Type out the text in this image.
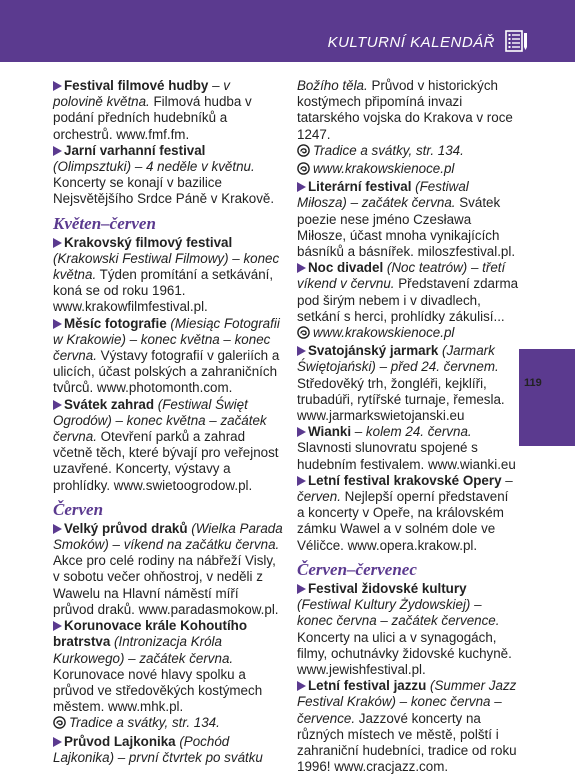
KULTURNÍ KALENDÁŘ

Festival filmové hudby – v polovině května. Filmová hudba v podání předních hudebníků a orchestrů. www.fmf.fm.

Jarní varhanní festival (Olimpsztuki) – 4 neděle v květnu. Koncerty se konají v bazilice Nejsvětějšího Srdce Páně v Krakově.

Květen–červen

Krakovský filmový festival (Krakowski Festiwal Filmowy) – konec května. Týden promítání a setkávání, koná se od roku 1961. www.krakowfilmfestival.pl.

Měsíc fotografie (Miesiąc Fotografii w Krakowie) – konec května – konec června. Výstavy fotografií v galeriích a ulicích, účast polských a zahraničních tvůrců. www.photomonth.com.

Svátek zahrad (Festiwal Święt Ogrodów) – konec května – začátek června. Otevření parků a zahrad včetně těch, které bývají pro veřejnost uzavřené. Koncerty, výstavy a prohlídky. www.swietoogrodow.pl.

Červen

Velký průvod draků (Wielka Parada Smoków) – víkend na začátku června. Akce pro celé rodiny na nábřeží Visly, v sobotu večer ohňostroj, v neděli z Wawelu na Hlavní náměstí míří průvod draků. www.paradasmokow.pl.

Korunovace krále Kohoutího bratrstva (Intronizacja Króla Kurkowego) – začátek června. Korunovace nové hlavy spolku a průvod ve středověkých kostýmech městem. www.mhk.pl.

Tradice a svátky, str. 134.

Průvod Lajkonika (Pochód Lajkonika) – první čtvrtek po svátku

Božího těla. Průvod v historických kostýmech připomíná invazi tatarského vojska do Krakova v roce 1247.

Tradice a svátky, str. 134.

www.krakowskienoce.pl

Literární festival (Festiwal Miłosza) – začátek června. Svátek poezie nese jméno Czesława Miłosze, účast mnoha vynikajících básníků a básnířek. miloszfestival.pl.

Noc divadel (Noc teatrów) – třetí víkend v červnu. Představení zdarma pod širým nebem i v divadlech, setkání s herci, prohlídky zákulisí...

www.krakowskienoce.pl

Svatojánský jarmark (Jarmark Świętojański) – před 24. červnem. Středověký trh, žongléři, kejklíři, trubadúři, rytířské turnaje, řemesla. www.jarmarkswietojanski.eu

Wianki – kolem 24. června. Slavnosti slunovratu spojené s hudebním festivalem. www.wianki.eu

Letní festival krakovské Opery – červen. Nejlepší operní představení a koncerty v Opeře, na královském zámku Wawel a v solném dole ve Véličce. www.opera.krakow.pl.

Červen–červenec

Festival židovské kultury (Festiwal Kultury Żydowskiej) – konec června – začátek července. Koncerty na ulici a v synagogách, filmy, ochutnávky židovské kuchyně. www.jewishfestival.pl.

Letní festival jazzu (Summer Jazz Festival Kraków) – konec června –července. Jazzové koncerty na různých místech ve městě, polští i zahraniční hudebníci, tradice od roku 1996! www.cracjazz.com.

119
